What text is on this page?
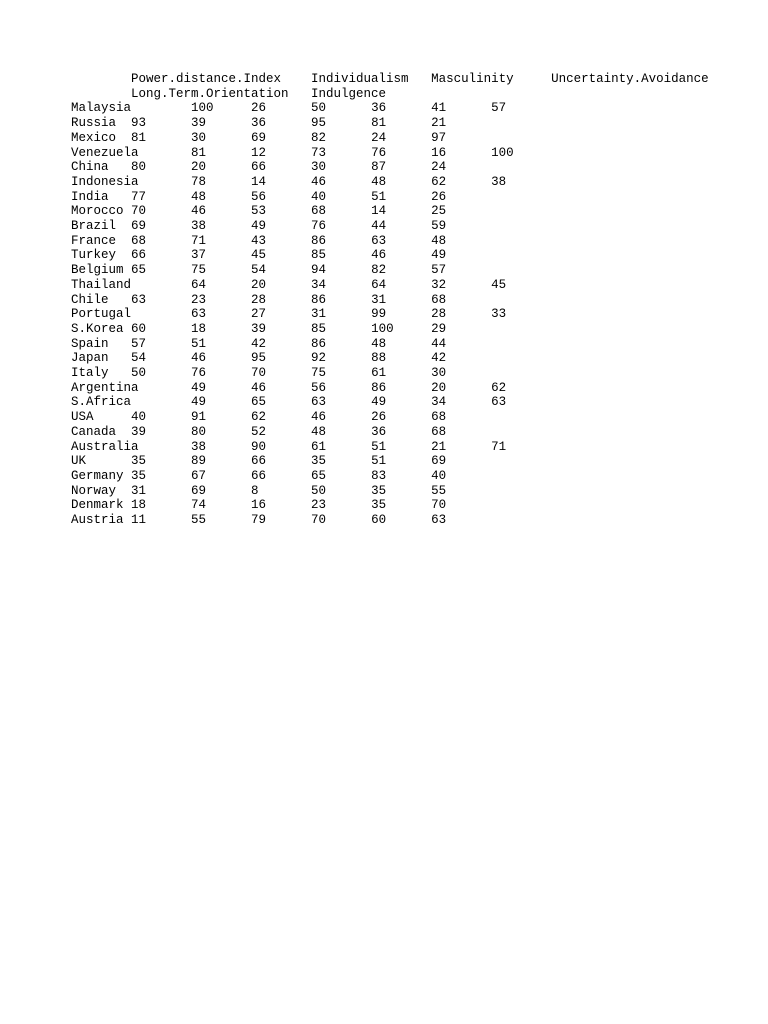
	Power.distance.Index	Individualism	Masculinity	Uncertainty.Avoidance
	Long.Term.Orientation	Indulgence
Malaysia	100	26	50	36	41	57
Russia	93	39	36	95	81	21
Mexico	81	30	69	82	24	97
Venezuela	81	12	73	76	16	100
China	80	20	66	30	87	24
Indonesia	78	14	46	48	62	38
India	77	48	56	40	51	26
Morocco	70	46	53	68	14	25
Brazil	69	38	49	76	44	59
France	68	71	43	86	63	48
Turkey	66	37	45	85	46	49
Belgium	65	75	54	94	82	57
Thailand	64	20	34	64	32	45
Chile	63	23	28	86	31	68
Portugal	63	27	31	99	28	33
S.Korea	60	18	39	85	100	29
Spain	57	51	42	86	48	44
Japan	54	46	95	92	88	42
Italy	50	76	70	75	61	30
Argentina	49	46	56	86	20	62
S.Africa	49	65	63	49	34	63
USA	40	91	62	46	26	68
Canada	39	80	52	48	36	68
Australia	38	90	61	51	21	71
UK	35	89	66	35	51	69
Germany	35	67	66	65	83	40
Norway	31	69	8	50	35	55
Denmark	18	74	16	23	35	70
Austria	11	55	79	70	60	63
